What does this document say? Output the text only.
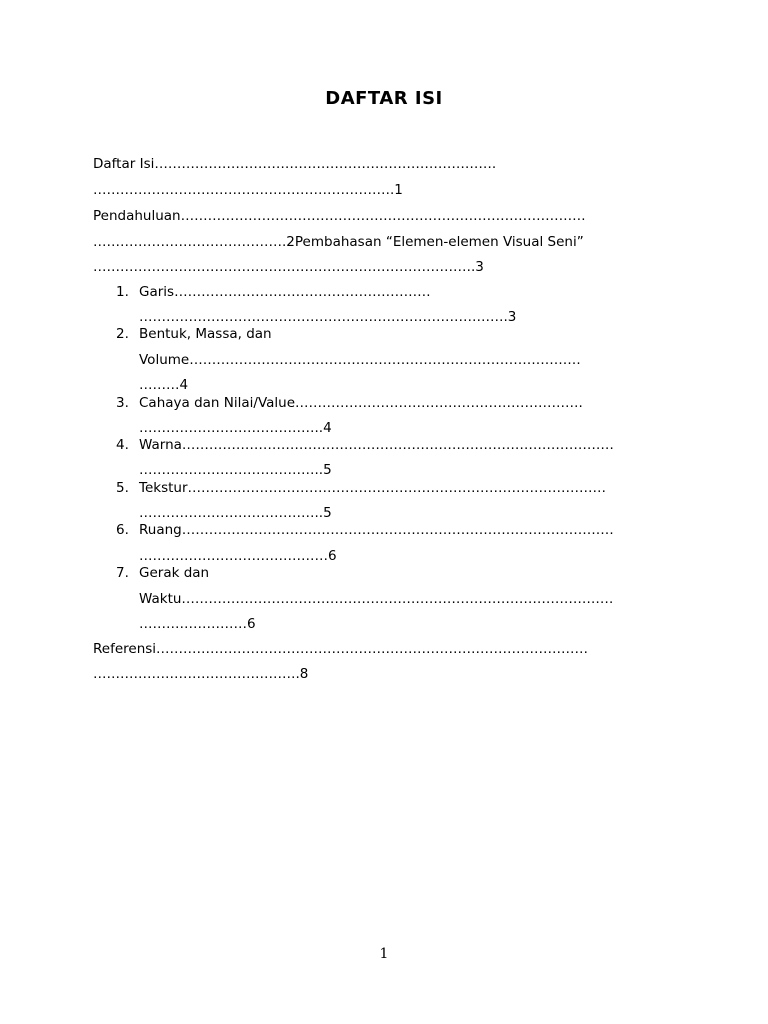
DAFTAR ISI
Daftar Isi………………………………………………………………….
………………………………………………………….1
Pendahuluan………………………………………………………………………………
…………………………………….2Pembahasan “Elemen-elemen Visual Seni”
………………………………………………………………………….3
1. Garis…………………………………………………
……………………………………………………………………….3
2. Bentuk, Massa, dan
Volume……………………………………………………………………………
………4
3. Cahaya dan Nilai/Value……………………………………………………….
…………………………………..4
4. Warna……………………………………………………………………………………
…………………………………..5
5. Tekstur…………………………………………………………………………………
…………………………………..5
6. Ruang……………………………………………………………………………………
……………………………………6
7. Gerak dan
Waktu……………………………………………………………………………………
……………………6
Referensi……………………………………………………………………………………
……………………………………….8
1
